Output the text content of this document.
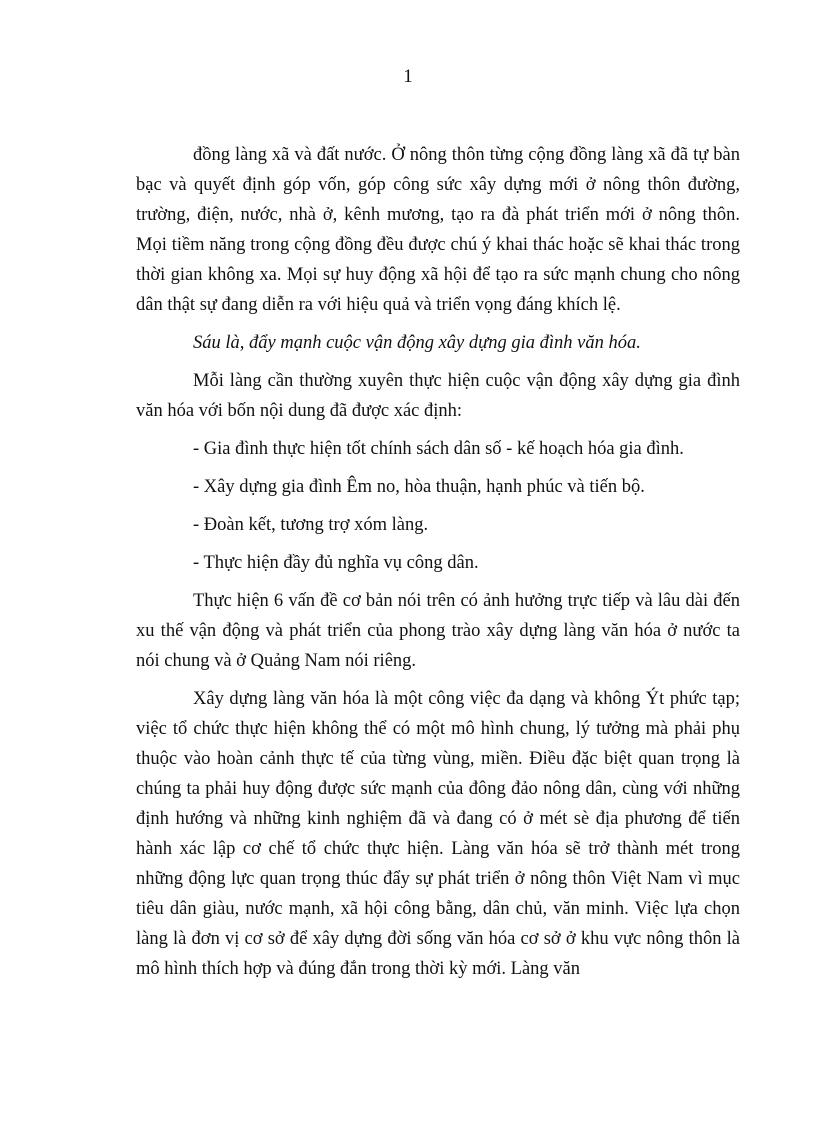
1

đồng làng xã và đất nước. Ở nông thôn từng cộng đồng làng xã đã tự bàn bạc và quyết định góp vốn, góp công sức xây dựng mới ở nông thôn đường, trường, điện, nước, nhà ở, kênh mương, tạo ra đà phát triển mới ở nông thôn. Mọi tiềm năng trong cộng đồng đều được chú ý khai thác hoặc sẽ khai thác trong thời gian không xa. Mọi sự huy động xã hội để tạo ra sức mạnh chung cho nông dân thật sự đang diễn ra với hiệu quả và triển vọng đáng khích lệ.

Sáu là, đẩy mạnh cuộc vận động xây dựng gia đình văn hóa.

Mỗi làng cần thường xuyên thực hiện cuộc vận động xây dựng gia đình văn hóa với bốn nội dung đã được xác định:

- Gia đình thực hiện tốt chính sách dân số - kế hoạch hóa gia đình.

- Xây dựng gia đình Êm no, hòa thuận, hạnh phúc và tiến bộ.

- Đoàn kết, tương trợ xóm làng.

- Thực hiện đầy đủ nghĩa vụ công dân.

Thực hiện 6 vấn đề cơ bản nói trên có ảnh hưởng trực tiếp và lâu dài đến xu thế vận động và phát triển của phong trào xây dựng làng văn hóa ở nước ta nói chung và ở Quảng Nam nói riêng.

Xây dựng làng văn hóa là một công việc đa dạng và không Ýt phức tạp; việc tổ chức thực hiện không thể có một mô hình chung, lý tưởng mà phải phụ thuộc vào hoàn cảnh thực tế của từng vùng, miền. Điều đặc biệt quan trọng là chúng ta phải huy động được sức mạnh của đông đảo nông dân, cùng với những định hướng và những kinh nghiệm đã và đang có ở mét sè địa phương để tiến hành xác lập cơ chế tổ chức thực hiện. Làng văn hóa sẽ trở thành mét trong những động lực quan trọng thúc đẩy sự phát triển ở nông thôn Việt Nam vì mục tiêu dân giàu, nước mạnh, xã hội công bằng, dân chủ, văn minh. Việc lựa chọn làng là đơn vị cơ sở để xây dựng đời sống văn hóa cơ sở ở khu vực nông thôn là mô hình thích hợp và đúng đắn trong thời kỳ mới. Làng văn
